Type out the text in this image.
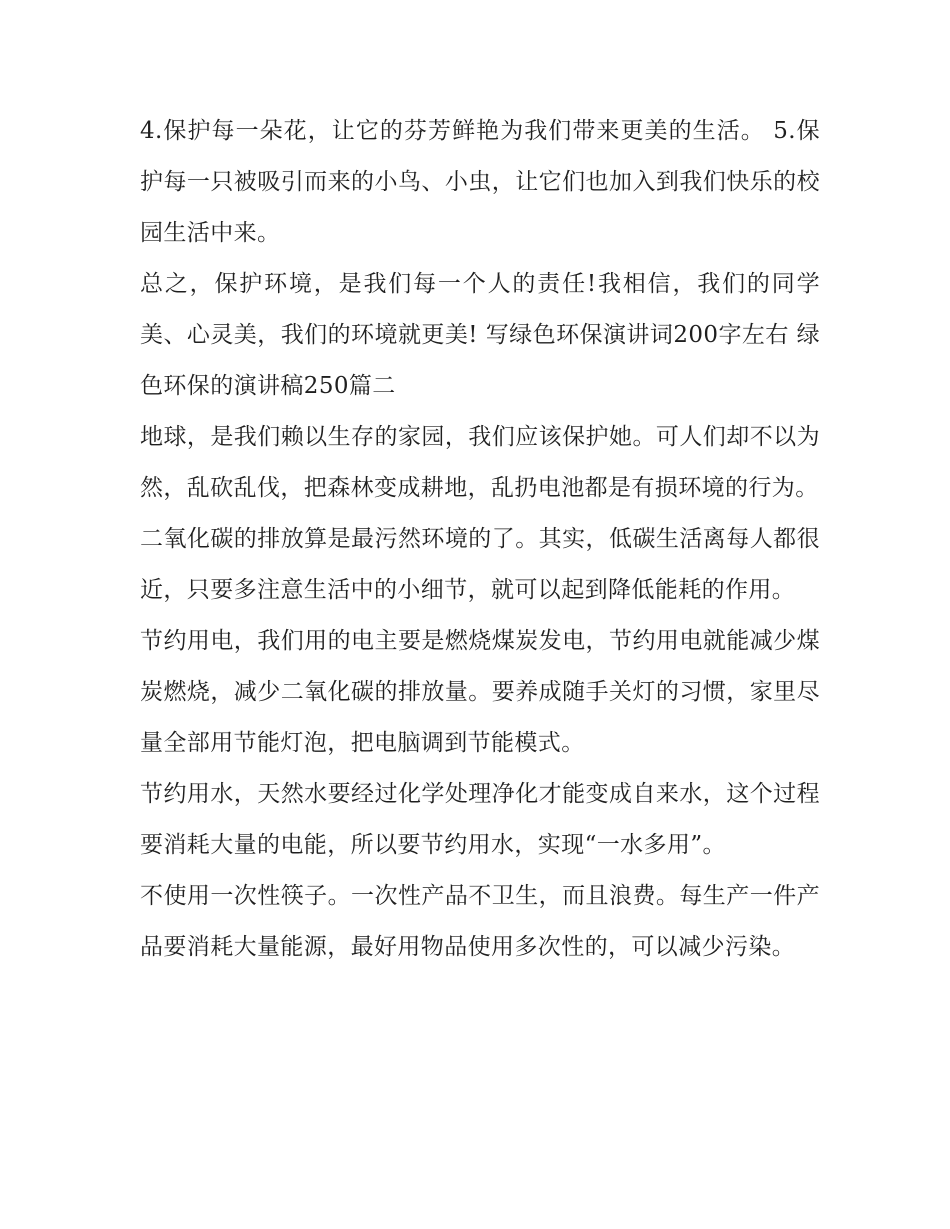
4.保护每一朵花，让它的芬芳鲜艳为我们带来更美的生活。 5.保护每一只被吸引而来的小鸟、小虫，让它们也加入到我们快乐的校园生活中来。

总之，保护环境，是我们每一个人的责任!我相信，我们的同学美、心灵美，我们的环境就更美! 写绿色环保演讲词200字左右 绿色环保的演讲稿250篇二

地球，是我们赖以生存的家园，我们应该保护她。可人们却不以为然，乱砍乱伐，把森林变成耕地，乱扔电池都是有损环境的行为。

二氧化碳的排放算是最污然环境的了。其实，低碳生活离每人都很近，只要多注意生活中的小细节，就可以起到降低能耗的作用。

节约用电，我们用的电主要是燃烧煤炭发电，节约用电就能减少煤炭燃烧，减少二氧化碳的排放量。要养成随手关灯的习惯，家里尽量全部用节能灯泡，把电脑调到节能模式。

节约用水，天然水要经过化学处理净化才能变成自来水，这个过程要消耗大量的电能，所以要节约用水，实现“一水多用”。

不使用一次性筷子。一次性产品不卫生，而且浪费。每生产一件产品要消耗大量能源，最好用物品使用多次性的，可以减少污染。
